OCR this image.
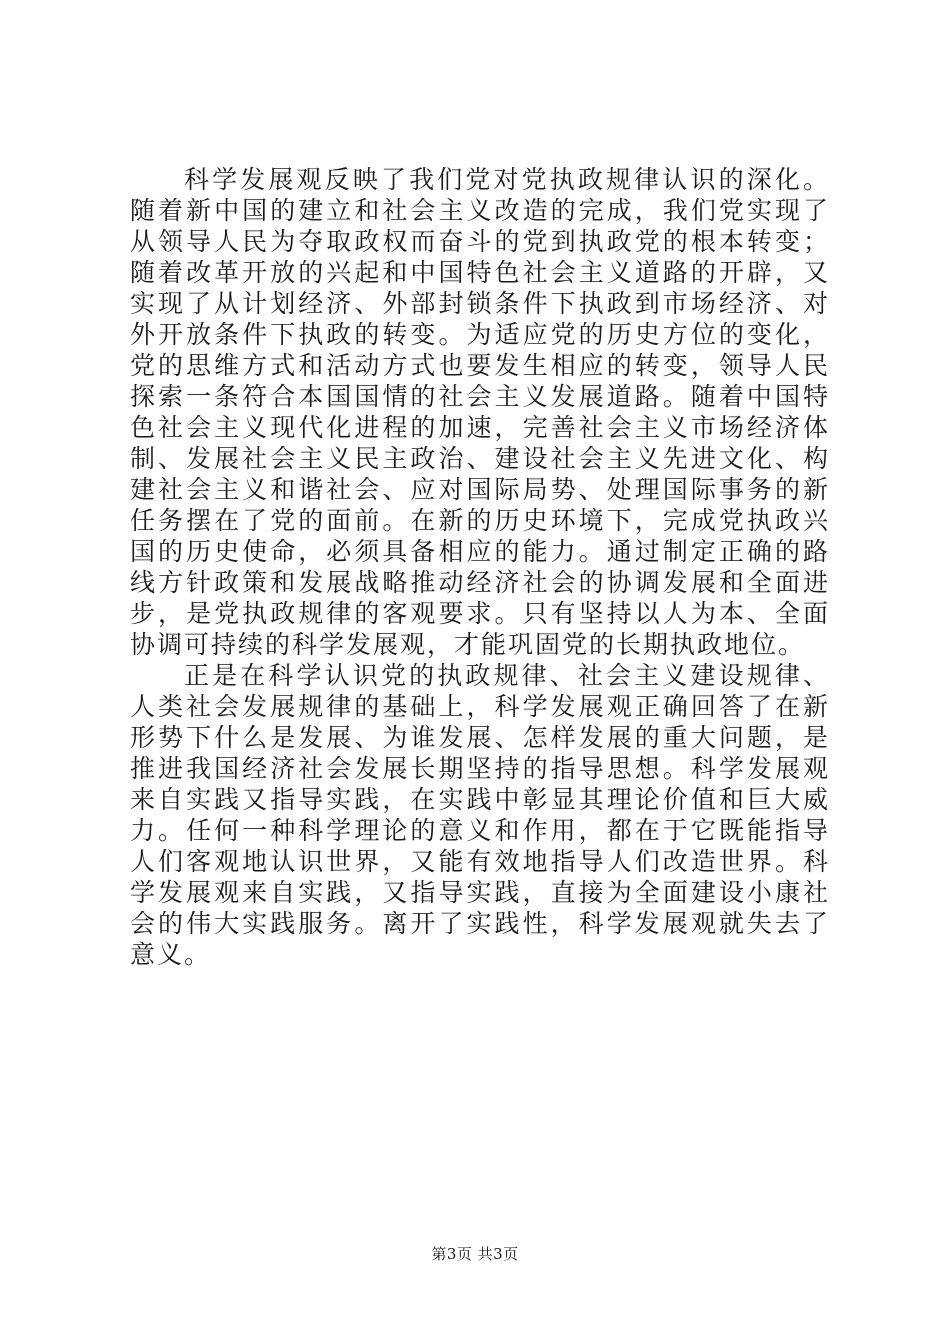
科学发展观反映了我们党对党执政规律认识的深化。随着新中国的建立和社会主义改造的完成，我们党实现了从领导人民为夺取政权而奋斗的党到执政党的根本转变；随着改革开放的兴起和中国特色社会主义道路的开辟，又实现了从计划经济、外部封锁条件下执政到市场经济、对外开放条件下执政的转变。为适应党的历史方位的变化，党的思维方式和活动方式也要发生相应的转变，领导人民探索一条符合本国国情的社会主义发展道路。随着中国特色社会主义现代化进程的加速，完善社会主义市场经济体制、发展社会主义民主政治、建设社会主义先进文化、构建社会主义和谐社会、应对国际局势、处理国际事务的新任务摆在了党的面前。在新的历史环境下，完成党执政兴国的历史使命，必须具备相应的能力。通过制定正确的路线方针政策和发展战略推动经济社会的协调发展和全面进步，是党执政规律的客观要求。只有坚持以人为本、全面协调可持续的科学发展观，才能巩固党的长期执政地位。

正是在科学认识党的执政规律、社会主义建设规律、人类社会发展规律的基础上，科学发展观正确回答了在新形势下什么是发展、为谁发展、怎样发展的重大问题，是推进我国经济社会发展长期坚持的指导思想。科学发展观来自实践又指导实践，在实践中彰显其理论价值和巨大威力。任何一种科学理论的意义和作用，都在于它既能指导人们客观地认识世界，又能有效地指导人们改造世界。科学发展观来自实践，又指导实践，直接为全面建设小康社会的伟大实践服务。离开了实践性，科学发展观就失去了意义。

第3页 共3页
